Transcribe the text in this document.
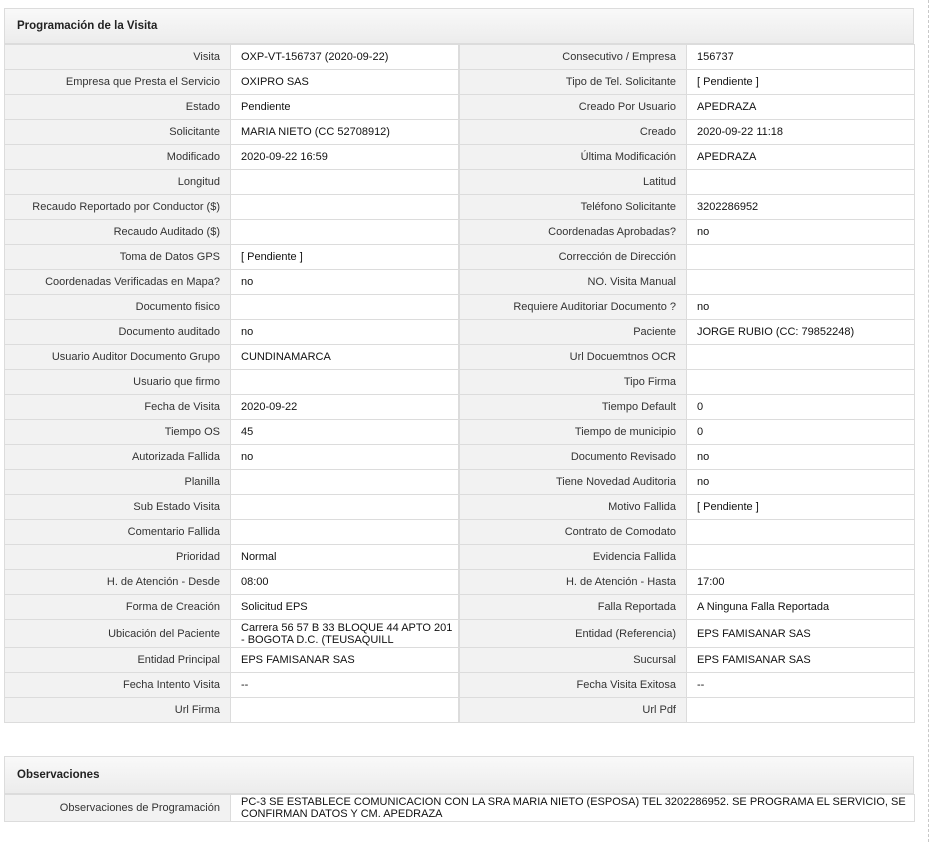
Programación de la Visita
Visita	OXP-VT-156737 (2020-09-22)		Consecutivo / Empresa	156737
Empresa que Presta el Servicio	OXIPRO SAS		Tipo de Tel. Solicitante	[ Pendiente ]
Estado	Pendiente		Creado Por Usuario	APEDRAZA
Solicitante	MARIA NIETO (CC 52708912)		Creado	2020-09-22 11:18
Modificado	2020-09-22 16:59		Última Modificación	APEDRAZA
Longitud			Latitud	
Recaudo Reportado por Conductor ($)			Teléfono Solicitante	3202286952
Recaudo Auditado ($)			Coordenadas Aprobadas?	no
Toma de Datos GPS	[ Pendiente ]		Corrección de Dirección	
Coordenadas Verificadas en Mapa?	no		NO. Visita Manual	
Documento fisico			Requiere Auditoriar Documento ?	no
Documento auditado	no		Paciente	JORGE RUBIO (CC: 79852248)
Usuario Auditor Documento Grupo	CUNDINAMARCA		Url Docuemtnos OCR	
Usuario que firmo			Tipo Firma	
Fecha de Visita	2020-09-22		Tiempo Default	0
Tiempo OS	45		Tiempo de municipio	0
Autorizada Fallida	no		Documento Revisado	no
Planilla			Tiene Novedad Auditoria	no
Sub Estado Visita			Motivo Fallida	[ Pendiente ]
Comentario Fallida			Contrato de Comodato	
Prioridad	Normal		Evidencia Fallida	
H. de Atención - Desde	08:00		H. de Atención - Hasta	17:00
Forma de Creación	Solicitud EPS		Falla Reportada	A Ninguna Falla Reportada
Ubicación del Paciente	Carrera 56 57 B 33 BLOQUE 44 APTO 201 - BOGOTA D.C. (TEUSAQUILL		Entidad (Referencia)	EPS FAMISANAR SAS
Entidad Principal	EPS FAMISANAR SAS		Sucursal	EPS FAMISANAR SAS
Fecha Intento Visita	--		Fecha Visita Exitosa	--
Url Firma			Url Pdf	
Observaciones
Observaciones de Programación	PC-3 SE ESTABLECE COMUNICACION CON LA SRA MARIA NIETO (ESPOSA) TEL 3202286952. SE PROGRAMA EL SERVICIO, SE CONFIRMAN DATOS Y CM. APEDRAZA
